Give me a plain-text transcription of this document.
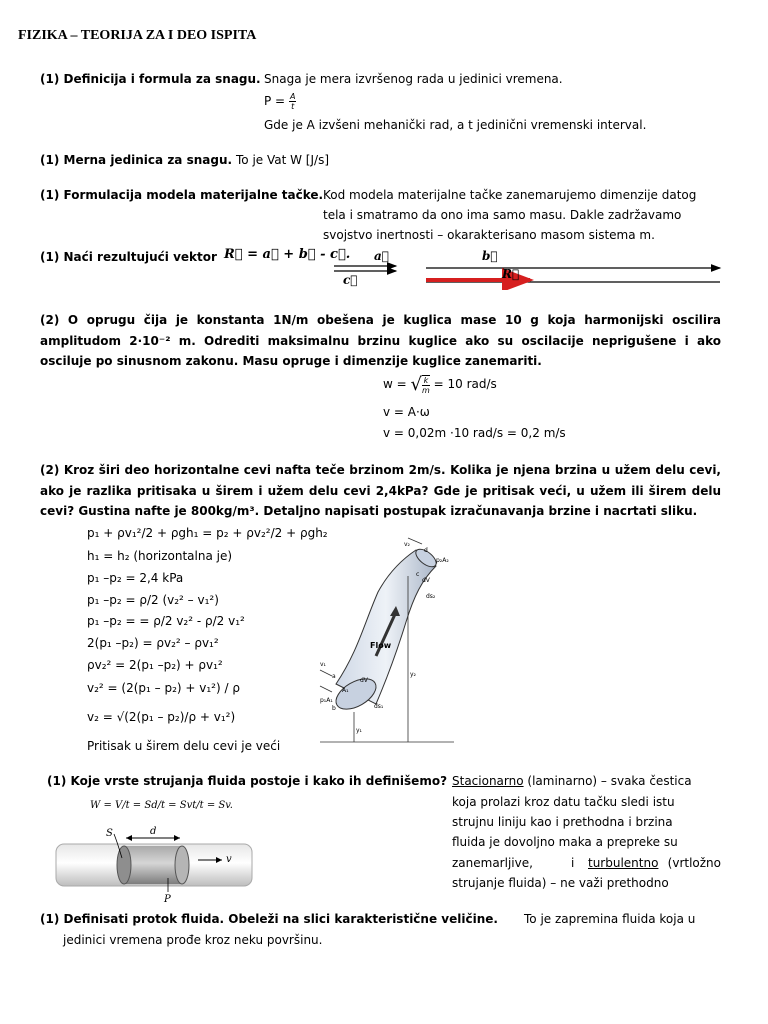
FIZIKA – TEORIJA ZA I DEO ISPITA
(1) Definicija i formula za snagu. Snaga je mera izvršenog rada u jedinici vremena.
$P = \frac{A}{t}$
Gde je A izvšeni mehanički rad, a t jedinični vremenski interval.
(1) Merna jedinica za snagu. To je Vat W [J/s]
(1) Formulacija modela materijalne tačke. Kod modela materijalne tačke zanemarujemo dimenzije datog
tela i smatramo da ono ima samo masu. Dakle zadržavamo
svojstvo inertnosti – okarakterisano masom sistema m.
(1) Naći rezultujući vektor R⃗ = a⃗ + b⃗ - c⃗. a⃗
c⃗
b⃗
R⃗
(2) O oprugu čija je konstanta 1N/m obešena je kuglica mase 10 g koja harmonijski oscilira amplitudom 2·10⁻² m. Odrediti maksimalnu brzinu kuglice ako su oscilacije neprigušene i ako osciluje po sinusnom zakonu. Masu opruge i dimenzije kuglice zanemariti.
w = √ $\frac{k}{m} = 10$ rad/s
v = A·ω
v = 0,02m ·10 rad/s = 0,2 m/s
(2) Kroz širi deo horizontalne cevi nafta teče brzinom 2m/s. Kolika je njena brzina u užem delu cevi, ako je razlika pritisaka u širem i užem delu cevi 2,4kPa? Gde je pritisak veći, u užem ili širem delu cevi? Gustina nafte je 800kg/m³. Detaljno napisati postupak izračunavanja brzine i nacrtati sliku.
p₁ + ρv₁²/2 + ρgh₁ = p₂ + ρv₂²/2 + ρgh₂
h₁ = h₂ (horizontalna je)
p₁ –p₂ = 2,4 kPa
p₁ –p₂ = ρ/2 (v₂² – v₁²)
p₁ –p₂ = = ρ/2 v₂² - ρ/2 v₁²
2(p₁ –p₂) = ρv₂² – ρv₁²
ρv₂² = 2(p₁ –p₂) + ρv₁²
v₂² = (2(p₁ – p₂) + v₁²) / ρ
v₂ = √(2(p₁ – p₂)/ρ + v₁²)
Pritisak u širem delu cevi je veći
Flow
v₂
p₂A₂
dV
ds₂
d
c
v₁
p₁A₁
A₁
dV
ds₁
y₂
y₁
a
b
(1) Koje vrste strujanja fluida postoje i kako ih definišemo? Stacionarno (laminarno) – svaka čestica
koja prolazi kroz datu tačku sledi istu
strujnu liniju kao i prethodna i brzina
fluida je dovoljno maka a prepreke su
zanemarljive,	i turbulentno (vrtložno
strujanje fluida) – ne važi prethodno
W = V/t = Sd/t = Svt/t = Sv.
S	d
v
P
(1) Definisati protok fluida. Obeleži na slici karakteristične veličine. To je zapremina fluida koja u
jedinici vremena prođe kroz neku površinu.
